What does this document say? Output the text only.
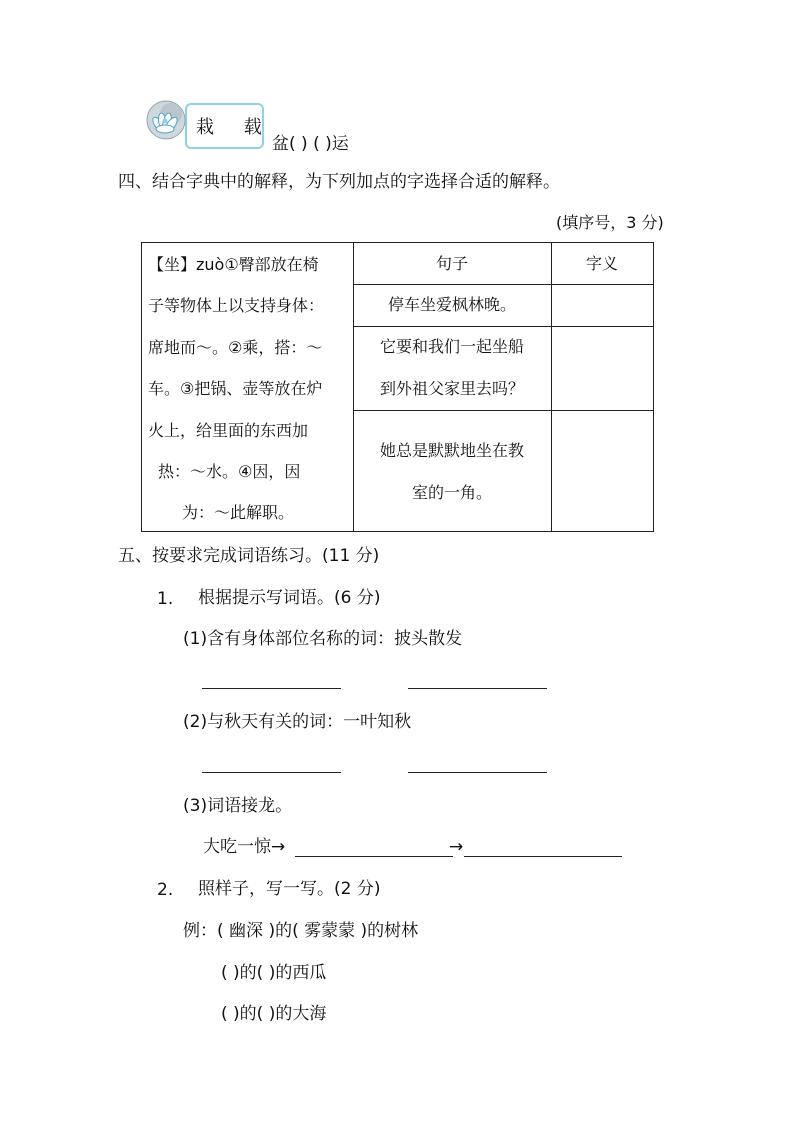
栽 载
盆( ) ( )运
四、结合字典中的解释，为下列加点的字选择合适的解释。
(填序号，3 分)
【坐】zuò①臀部放在椅
子等物体上以支持身体：
席地而～。②乘，搭：～
车。③把锅、壶等放在炉
火上，给里面的东西加
热：～水。④因，因
为：～此解职。
句子	字义
停车坐爱枫林晚。
它要和我们一起坐船
到外祖父家里去吗？
她总是默默地坐在教
室的一角。
五、按要求完成词语练习。(11 分)
1. 根据提示写词语。(6 分)
(1)含有身体部位名称的词：披头散发
(2)与秋天有关的词：一叶知秋
(3)词语接龙。
大吃一惊→	→
2. 照样子，写一写。(2 分)
例：( 幽深 )的( 雾蒙蒙 )的树林
( )的( )的西瓜
( )的( )的大海
